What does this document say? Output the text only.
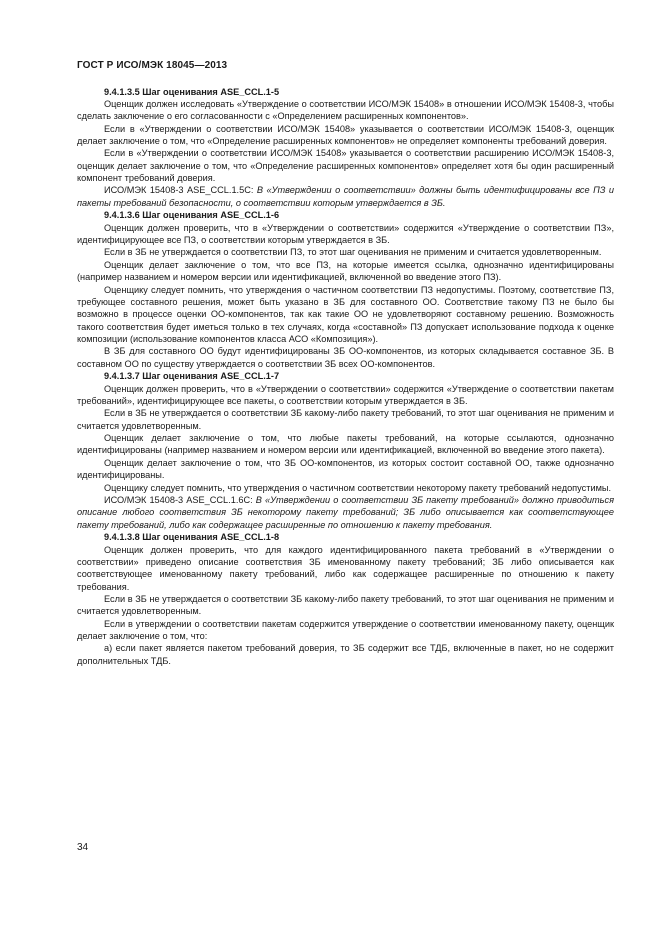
ГОСТ Р ИСО/МЭК 18045—2013

9.4.1.3.5 Шаг оценивания ASE_CCL.1-5

Оценщик должен исследовать «Утверждение о соответствии ИСО/МЭК 15408» в отношении ИСО/МЭК 15408-3, чтобы сделать заключение о его согласованности с «Определением расширенных компонентов».

Если в «Утверждении о соответствии ИСО/МЭК 15408» указывается о соответствии ИСО/МЭК 15408-3, оценщик делает заключение о том, что «Определение расширенных компонентов» не определяет компоненты требований доверия.

Если в «Утверждении о соответствии ИСО/МЭК 15408» указывается о соответствии расширению ИСО/МЭК 15408-3, оценщик делает заключение о том, что «Определение расширенных компонентов» определяет хотя бы один расширенный компонент требований доверия.

ИСО/МЭК 15408-3 ASE_CCL.1.5C: В «Утверждении о соответствии» должны быть идентифицированы все ПЗ и пакеты требований безопасности, о соответствии которым утверждается в ЗБ.

9.4.1.3.6 Шаг оценивания ASE_CCL.1-6

Оценщик должен проверить, что в «Утверждении о соответствии» содержится «Утверждение о соответствии ПЗ», идентифицирующее все ПЗ, о соответствии которым утверждается в ЗБ.

Если в ЗБ не утверждается о соответствии ПЗ, то этот шаг оценивания не применим и считается удовлетворенным.

Оценщик делает заключение о том, что все ПЗ, на которые имеется ссылка, однозначно идентифицированы (например названием и номером версии или идентификацией, включенной во введение этого ПЗ).

Оценщику следует помнить, что утверждения о частичном соответствии ПЗ недопустимы. Поэтому, соответствие ПЗ, требующее составного решения, может быть указано в ЗБ для составного ОО. Соответствие такому ПЗ не было бы возможно в процессе оценки ОО-компонентов, так как такие ОО не удовлетворяют составному решению. Возможность такого соответствия будет иметься только в тех случаях, когда «составной» ПЗ допускает использование подхода к оценке композиции (использование компонентов класса АСО «Композиция»).

В ЗБ для составного ОО будут идентифицированы ЗБ ОО-компонентов, из которых складывается составное ЗБ. В составном ОО по существу утверждается о соответствии ЗБ всех ОО-компонентов.

9.4.1.3.7 Шаг оценивания ASE_CCL.1-7

Оценщик должен проверить, что в «Утверждении о соответствии» содержится «Утверждение о соответствии пакетам требований», идентифицирующее все пакеты, о соответствии которым утверждается в ЗБ.

Если в ЗБ не утверждается о соответствии ЗБ какому-либо пакету требований, то этот шаг оценивания не применим и считается удовлетворенным.

Оценщик делает заключение о том, что любые пакеты требований, на которые ссылаются, однозначно идентифицированы (например названием и номером версии или идентификацией, включенной во введение этого пакета).

Оценщик делает заключение о том, что ЗБ ОО-компонентов, из которых состоит составной ОО, также однозначно идентифицированы.

Оценщику следует помнить, что утверждения о частичном соответствии некоторому пакету требований недопустимы.

ИСО/МЭК 15408-3 ASE_CCL.1.6C: В «Утверждении о соответствии ЗБ пакету требований» должно приводиться описание любого соответствия ЗБ некоторому пакету требований; ЗБ либо описывается как соответствующее пакету требований, либо как содержащее расширенные по отношению к пакету требования.

9.4.1.3.8 Шаг оценивания ASE_CCL.1-8

Оценщик должен проверить, что для каждого идентифицированного пакета требований в «Утверждении о соответствии» приведено описание соответствия ЗБ именованному пакету требований; ЗБ либо описывается как соответствующее именованному пакету требований, либо как содержащее расширенные по отношению к пакету требования.

Если в ЗБ не утверждается о соответствии ЗБ какому-либо пакету требований, то этот шаг оценивания не применим и считается удовлетворенным.

Если в утверждении о соответствии пакетам содержится утверждение о соответствии именованному пакету, оценщик делает заключение о том, что:

а) если пакет является пакетом требований доверия, то ЗБ содержит все ТДБ, включенные в пакет, но не содержит дополнительных ТДБ.

34
